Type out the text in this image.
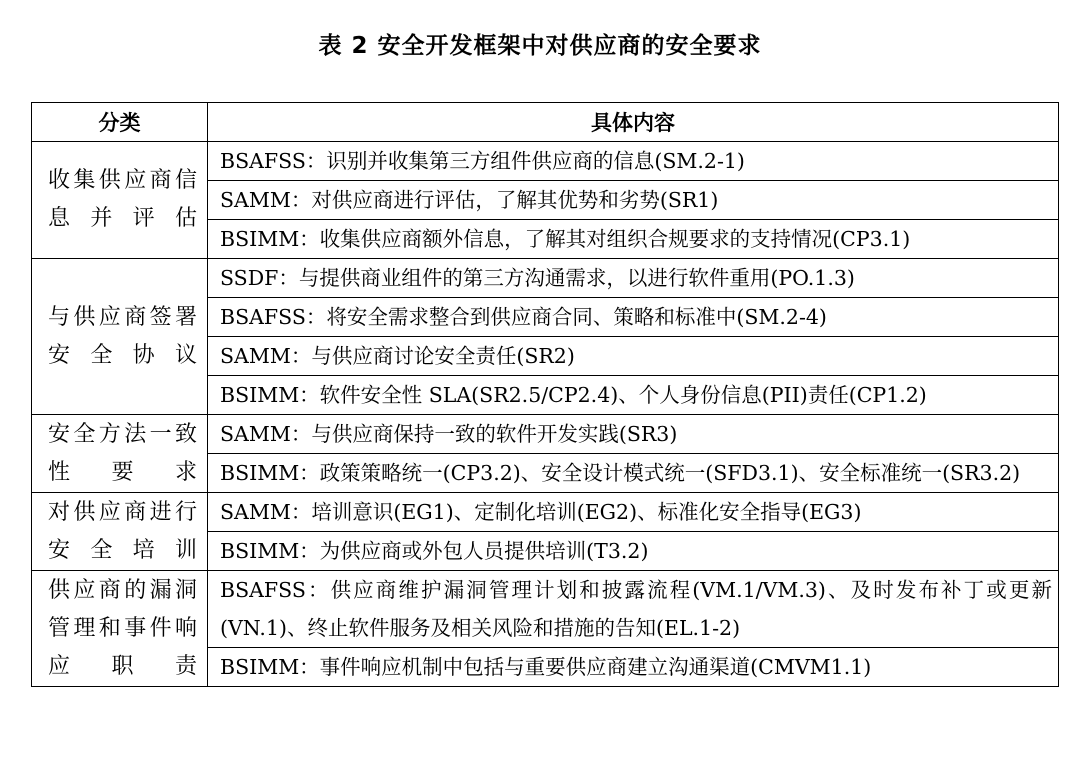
表 2 安全开发框架中对供应商的安全要求
分类	具体内容
收集供应商信息并评估	BSAFSS：识别并收集第三方组件供应商的信息(SM.2-1)
	SAMM：对供应商进行评估，了解其优势和劣势(SR1)
	BSIMM：收集供应商额外信息，了解其对组织合规要求的支持情况(CP3.1)
与供应商签署安全协议	SSDF：与提供商业组件的第三方沟通需求，以进行软件重用(PO.1.3)
	BSAFSS：将安全需求整合到供应商合同、策略和标准中(SM.2-4)
	SAMM：与供应商讨论安全责任(SR2)
	BSIMM：软件安全性 SLA(SR2.5/CP2.4)、个人身份信息(PII)责任(CP1.2)
安全方法一致性要求	SAMM：与供应商保持一致的软件开发实践(SR3)
	BSIMM：政策策略统一(CP3.2)、安全设计模式统一(SFD3.1)、安全标准统一(SR3.2)
对供应商进行安全培训	SAMM：培训意识(EG1)、定制化培训(EG2)、标准化安全指导(EG3)
	BSIMM：为供应商或外包人员提供培训(T3.2)
供应商的漏洞管理和事件响应职责	BSAFSS：供应商维护漏洞管理计划和披露流程(VM.1/VM.3)、及时发布补丁或更新(VN.1)、终止软件服务及相关风险和措施的告知(EL.1-2)
	BSIMM：事件响应机制中包括与重要供应商建立沟通渠道(CMVM1.1)
